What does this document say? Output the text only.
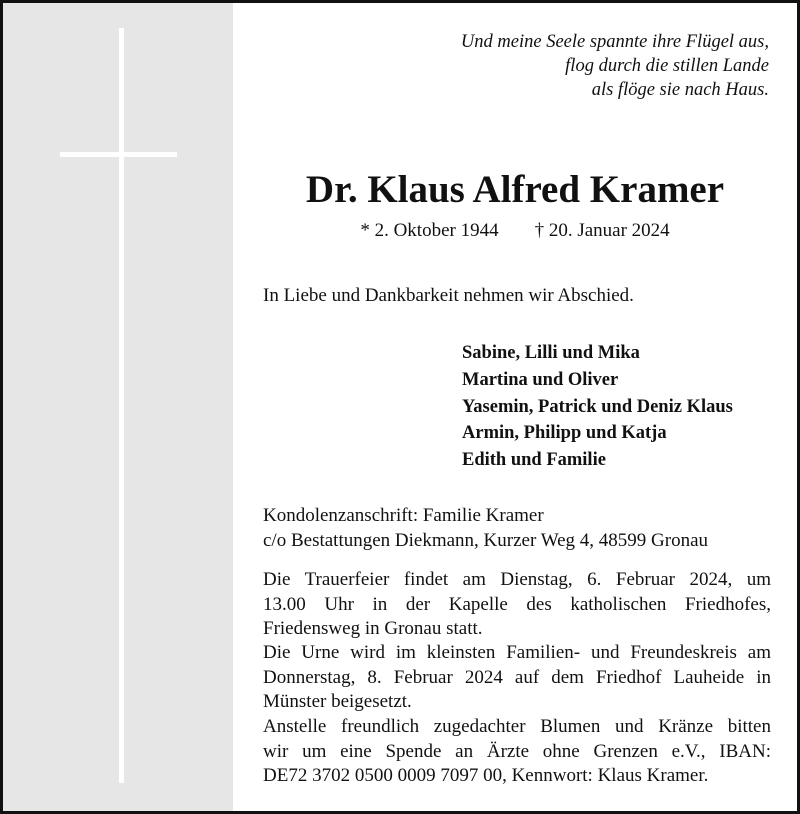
Und meine Seele spannte ihre Flügel aus,
flog durch die stillen Lande
als flöge sie nach Haus.
Dr. Klaus Alfred Kramer
* 2. Oktober 1944 † 20. Januar 2024
In Liebe und Dankbarkeit nehmen wir Abschied.
Sabine, Lilli und Mika
Martina und Oliver
Yasemin, Patrick und Deniz Klaus
Armin, Philipp und Katja
Edith und Familie
Kondolenzanschrift: Familie Kramer
c/o Bestattungen Diekmann, Kurzer Weg 4, 48599 Gronau
Die Trauerfeier findet am Dienstag, 6. Februar 2024, um
13.00 Uhr in der Kapelle des katholischen Friedhofes,
Friedensweg in Gronau statt.
Die Urne wird im kleinsten Familien- und Freundeskreis am
Donnerstag, 8. Februar 2024 auf dem Friedhof Lauheide in
Münster beigesetzt.
Anstelle freundlich zugedachter Blumen und Kränze bitten
wir um eine Spende an Ärzte ohne Grenzen e.V., IBAN:
DE72 3702 0500 0009 7097 00, Kennwort: Klaus Kramer.
